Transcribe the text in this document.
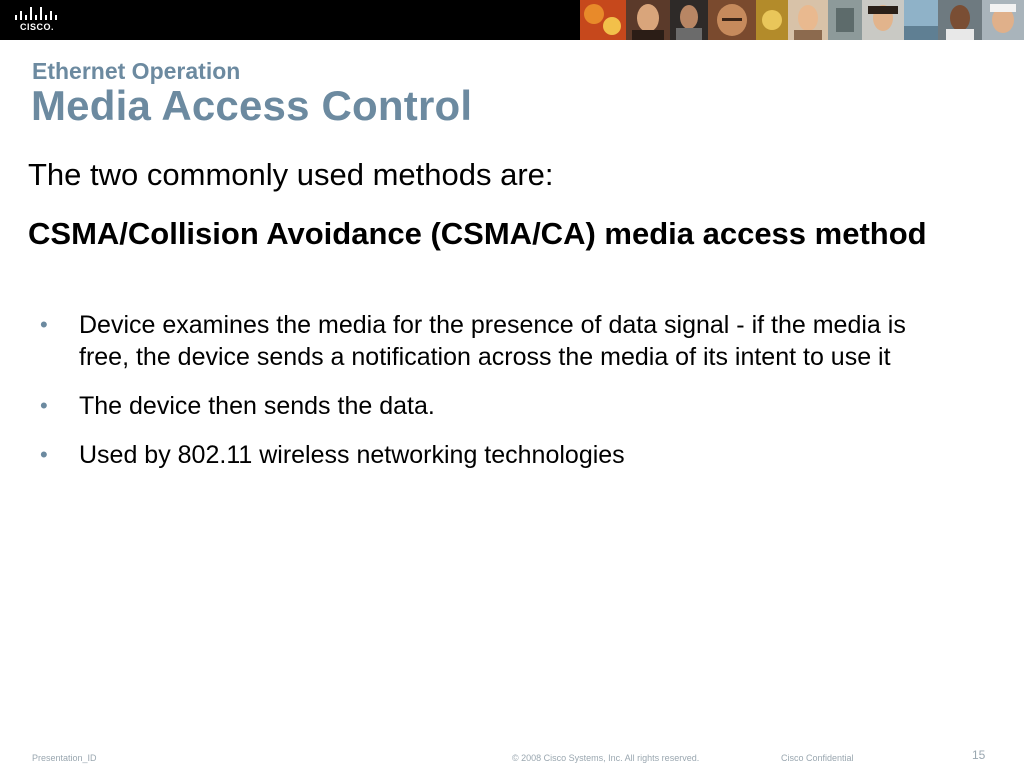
CISCO.
Ethernet Operation
Media Access Control
The two commonly used methods are:
CSMA/Collision Avoidance (CSMA/CA) media access method
• Device examines the media for the presence of data signal - if the media is free, the device sends a notification across the media of its intent to use it
• The device then sends the data.
• Used by 802.11 wireless networking technologies
Presentation_ID	© 2008 Cisco Systems, Inc. All rights reserved.	Cisco Confidential	15
